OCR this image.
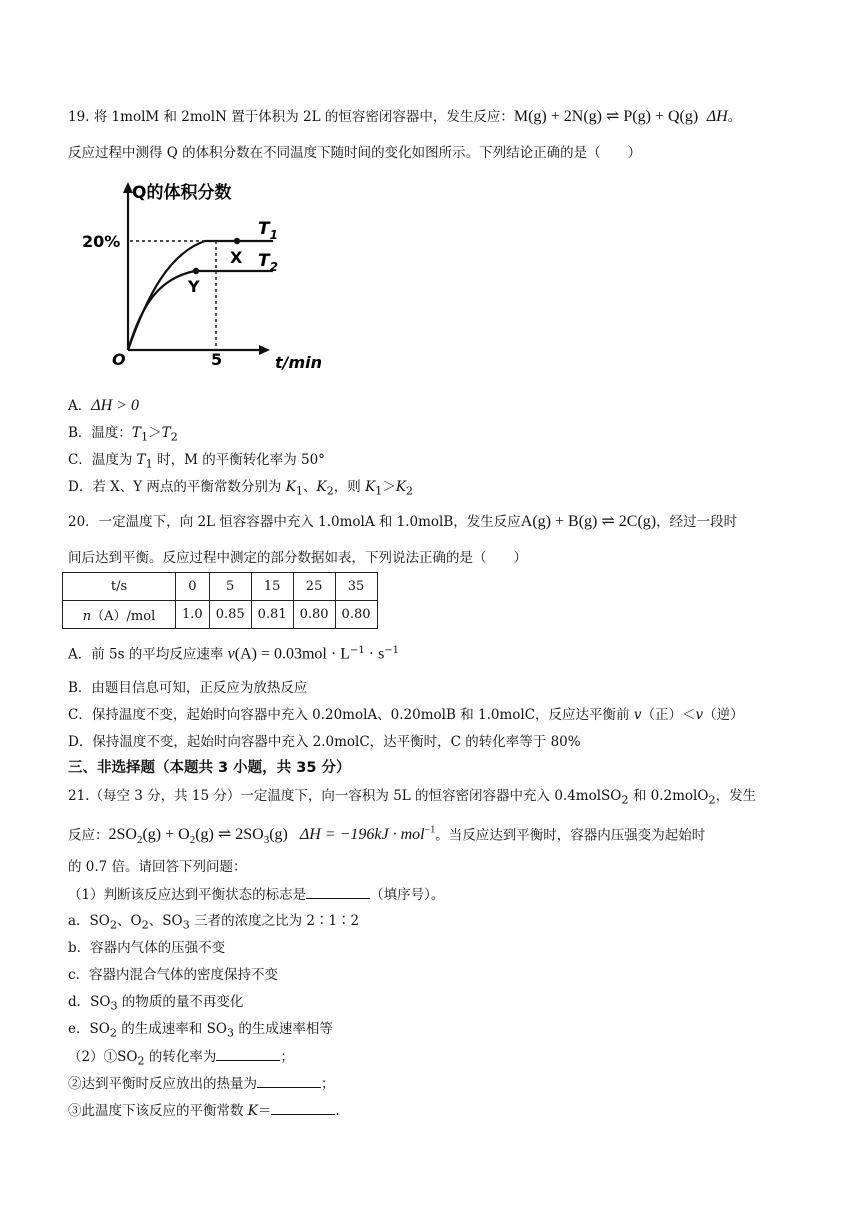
19. 将 1molM 和 2molN 置于体积为 2L 的恒容密闭容器中，发生反应：M(g) + 2N(g) ⇌ P(g) + Q(g) ΔH。
反应过程中测得 Q 的体积分数在不同温度下随时间的变化如图所示。下列结论正确的是（　　）
Q的体积分数
20%
O	5	t/min
$T_1$
$T_2$
X
Y
A．ΔH > 0
B．温度：$T_1>T_2$
C．温度为 $T_1$ 时，M 的平衡转化率为 50°
D．若 X、Y 两点的平衡常数分别为 $K_1$、$K_2$，则 $K_1>K_2$
20．一定温度下，向 2L 恒容容器中充入 1.0molA 和 1.0molB，发生反应A(g) + B(g) ⇌ 2C(g)，经过一段时
间后达到平衡。反应过程中测定的部分数据如表，下列说法正确的是（　　）
t/s	0	5	15	25	35
n（A）/mol	1.0	0.85	0.81	0.80	0.80
A．前 5s 的平均反应速率 $v(A) = 0.03mol \cdot L^{-1} \cdot s^{-1}$
B．由题目信息可知，正反应为放热反应
C．保持温度不变，起始时向容器中充入 0.20molA、0.20molB 和 1.0molC，反应达平衡前 v（正）＜v（逆）
D．保持温度不变，起始时向容器中充入 2.0molC，达平衡时，C 的转化率等于 80%
三、非选择题（本题共 3 小题，共 35 分）
21.（每空 3 分，共 15 分）一定温度下，向一容积为 5L 的恒容密闭容器中充入 0.4molSO$_2$ 和 0.2molO$_2$，发生
反应：$2SO_2(g) + O_2(g)$ ⇌ $2SO_3(g) \Delta H = -196kJ \cdot mol^{-1}$。当反应达到平衡时，容器内压强变为起始时
的 0.7 倍。请回答下列问题：
（1）判断该反应达到平衡状态的标志是	（填序号）。
a．$SO_2$、$O_2$、$SO_3$ 三者的浓度之比为 2∶1∶2
b．容器内气体的压强不变
c．容器内混合气体的密度保持不变
d．$SO_3$ 的物质的量不再变化
e．$SO_2$ 的生成速率和 $SO_3$ 的生成速率相等
$(2)①SO_2$ 的转化率为	；
②达到平衡时反应放出的热量为	；
③此温度下该反应的平衡常数 K＝	.
